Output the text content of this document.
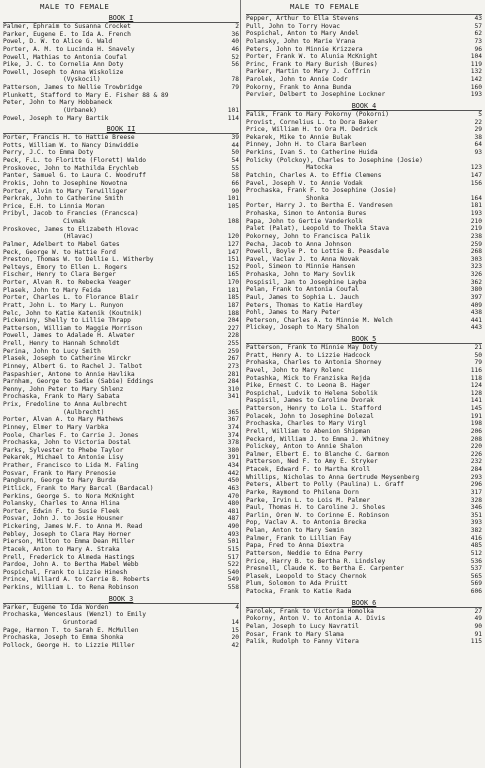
MALE TO FEMALE	MALE TO FEMALE
BOOK I
Palmer, Ephraim to Susanna Crocket	2
Parker, Eugene E. to Ida A. French	36
Powel, D. W. to Alice G. Wald	40
Porter, A. M. to Lucinda H. Snavely	46
Powell, Mathias to Antonia Coufal	52
Pike, J. C. to Cornelia Ann Doty	56
Powell, Joseph to Anna Wiskolize
(Vyskocil)	78
Patterson, James to Nellie Trowbridge	79
Plunkett, Stafford to Mary E. Fisher 88 & 89
Peter, John to Mary Hobbaneck
(Urbanek)	101
Powel, Joseph to Mary Bartik	114
BOOK II
Porter, Francis H. to Hattie Breese	39
Potts, William W. to Nancy Dinwiddie	44
Perry, J.C. to Emma Doty	50
Peck, F.L. to Floritte (Florett) Waldo	54
Proskovec, John to Mathilda Erychleb	55
Panter, Samuel G. to Laura C. Woodruff	58
Prokis, John to Josephine Nowotna	66
Porter, Alvin to Mary Terwilliger	90
Perkrak, John to Catherine Smith	101
Price, E.H. to Linnia Moran	105
Pribyl, Jacob to Francies (Francsca)
Civmak	108
Proskovec, James to Elizabeth Hlovac
(Hlavac)	120
Palmer, Adelbert to Mabel Gates	127
Peck, George W. to Hattie Ford	147
Preston, Thomas W. to Dellie L. Witherby	151
Pelteys, Emory to Ellen L. Rogers	152
Fischer, Henry to Clara Berger	165
Porter, Alvan R. to Rebecka Yeager	170
Plasek, John to Mary Feida	181
Porter, Charles L. to Florance Blair	185
Pratt, John L. to Mary L. Runyon	187
Pelc, John to Katie Katenik (Koutnik)	188
Pickeniny, Shelly to Lillie Thrapp	204
Patterson, William to Maggie Morrison	227
Powell, James to Adalade H. Alwater	228
Prell, Henry to Hannah Schmoldt	255
Perina, John to Lucy Smith	259
Plasek, Joseph to Catherine Wirckr	267
Pinney, Albert G. to Rachel J. Talbot	273
Paspashier, Antone to Annie Havlika	281
Parnham, George to Sadie (Sabie) Eddings	284
Penny, John Peter to Mary Shlenz	310
Prochaska, Frank to Mary Sabata	341
Prix, Fredoline to Anna Aulbrecht
(Aulbrecht)	365
Porter, Alvan A. to Mary Mathews	367
Pinney, Elmer to Mary Varbka	374
Poole, Charles F. to Carrie J. Jones	374
Prochaska, John to Victoria Dostal	378
Parks, Sylvester to Phebe Taylor	380
Pekarek, Michael to Antonie Lisy	391
Prather, Francisco to Lida M. Faling	434
Posvar, Frank to Mary Prenosie	442
Pangburn, George to Mary Burda	450
Pitlick, Frank to Mary Barcal (Bardacal)	463
Perkins, George S. to Nora McKnight	470
Polansky, Charles to Anna Hlina	480
Porter, Edwin F. to Susie Fleek	481
Posvar, John J. to Josie Housner	487
Pickering, James W.F. to Anna M. Read	490
Pebley, Joseph to Clara May Horner	493
Pierson, Milton to Emma Dean Miller	501
Ptacek, Anton to Mary A. Straka	515
Prell, Frederick to Almeda Hastings	517
Pardoe, John A. to Bertha Mabel Webb	522
Pospichal, Frank to Lizzie Hinesh	540
Prince, Willard A. to Carrie B. Roberts	549
Perkins, William L. to Rena Robinson	558
BOOK 3
Parker, Eugene to Ida Worden	4
Prochaska, Wenceslaus (Wenzl) to Emily
Gruntorad	14
Page, Harmon T. to Sarah E. McMullen	15
Prochaska, Joseph to Emma Shonka	20
Pollock, George H. to Lizzie Miller	42
Pepper, Arthur to Ella Stevens	43
Pull, John to Torry Hovac	57
Pospichal, Anton to Mary Andel	62
Polansky, John to Marie Vrana	73
Peters, John to Minnie Krizzera	96
Porter, Frank W. to Alunia McKnight	104
Princ, Frank to Mary Burish (Bures)	119
Parker, Martin to Mary J. Coffrin	132
Parolek, John to Annie Codr	142
Pokorny, Frank to Anna Bunda	160
Pervier, Delbert to Josephine Lockner	193
BOOK 4
Palik, Frank to Mary Pokorny (Pokorni)	5
Provist, Cornelius L. to Dora Baker	22
Price, William H. to Ora M. Dedrick	29
Pekarek, Mike to Annie Bulak	38
Pinney, John H. to Clara Barleen	64
Perkins, Ivan S. to Catherine Huida	93
Policky (Polckoy), Charles to Josephine (Josie)
Matocka	123
Patchin, Charles A. to Effie Clemens	147
Pavel, Joseph V. to Annie Vodak	156
Prochaska, Frank F. to Josephine (Josie)
Shonka	164
Porter, Harry J. to Bertha E. Vandresen	181
Prohaska, Simon to Antonia Bures	193
Papa, John to Gertie Vanderkolk	210
Palet (Palat), Leopold to Thekla Stava	219
Pokorney, John to Francisca Palik	238
Pecha, Jacob to Anna Johnson	259
Powell, Boyle P. to Lottie B. Peasdale	268
Pavel, Vaclav J. to Anna Novak	303
Pool, Simeon to Minnie Hansen	323
Prohaska, John to Mary Sovlik	326
Pospisil, Jan to Josephine Layba	362
Pelan, Frank to Antonia Coufal	380
Paul, James to Sophia L. Jauch	397
Peters, Thomas to Katie Hardley	409
Pohl, James to Mary Peter	438
Peterson, Charles A. to Minnie M. Welch	441
Plickey, Joseph to Mary Shalon	443
BOOK 5
Patterson, Frank to Minnie May Doty	21
Pratt, Henry A. to Lizzie Hadcock	50
Prohaska, Charles to Antonia Shorney	79
Pavel, John to Mary Rolenc	116
Potashka, Mick to Franziska Rejda	118
Pike, Ernest C. to Leona B. Hager	124
Pospichal, Ludvik to Helena Sobolik	128
Paspisil, James to Caroline Dvorak	141
Patterson, Henry to Lola L. Stafford	145
Polacek, John to Josephine Dolezal	191
Prochaska, Charles to Mary Virgl	198
Prell, William to Abenion Shipman	206
Peckard, William J. to Emma J. Whitney	208
Polickey, Anton to Annie Shalon	220
Palmer, Elbert E. to Blanche C. Garmon	226
Patterson, Ned F. to Amy E. Stryker	232
Ptacek, Edward F. to Martha Kroll	284
Whillips, Nicholas to Anna Gertrude Meysenberg	293
Peters, Albert to Polly (Paulina) L. Graff	296
Parke, Raymond to Philena Dorn	317
Parke, Irvin L. to Lois M. Palmer	328
Paul, Thomas H. to Caroline J. Sholes	346
Parlin, Oren W. to Corinne E. Robinson	351
Pop, Vaclav A. to Antonia Brecka	393
Pelan, Anton to Mary Semin	382
Palmer, Frank to Lillian Fay	416
Papa, Fred to Anna Diextra	485
Patterson, Neddie to Edna Perry	512
Price, Harry B. to Bertha R. Lindsley	536
Presnell, Claude K. to Bertha E. Carpenter	537
Plasek, Leopold to Stacy Chernok	565
Plum, Solomon to Ada Pruitt	569
Patocka, Frank to Katie Rada	606
BOOK 6
Parolek, Frank to Victoria Homolka	27
Pokorny, Anton V. to Antonia A. Divis	49
Pelan, Joseph to Lucy Navratil	90
Posar, Frank to Mary Slama	91
Palik, Rudolph to Fanny Vitera	115
